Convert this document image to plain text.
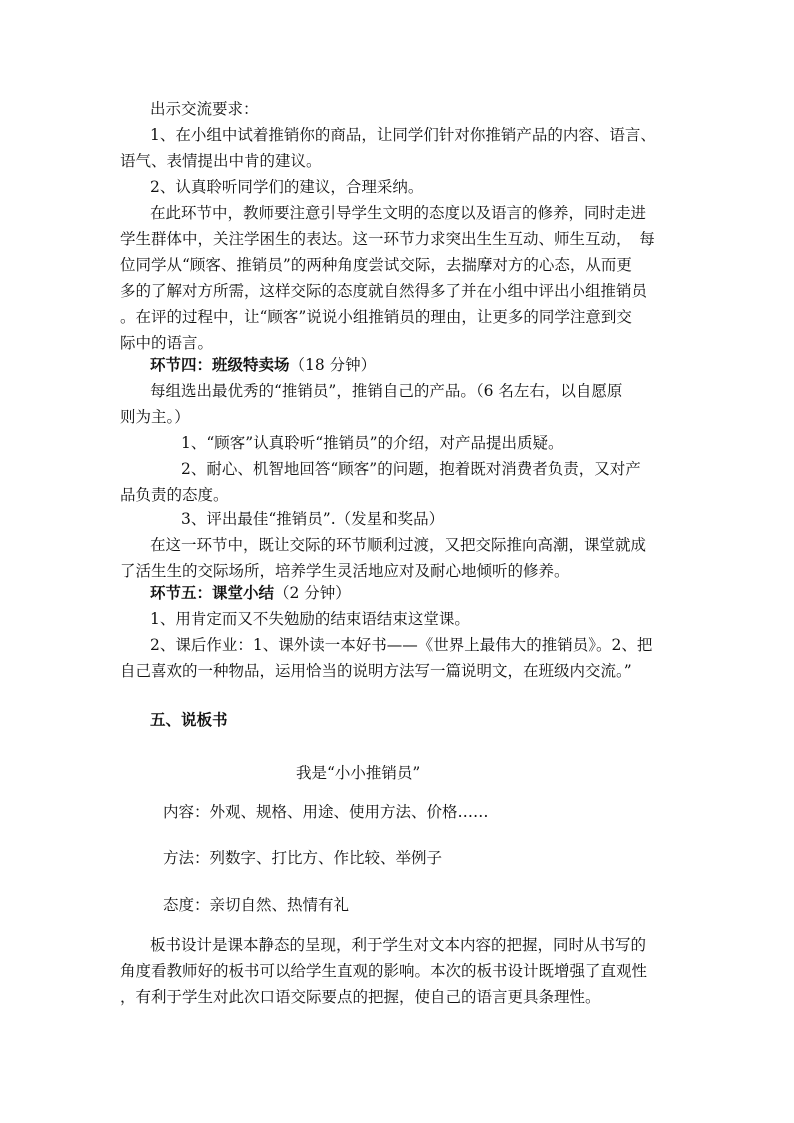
出示交流要求：
1、在小组中试着推销你的商品，让同学们针对你推销产品的内容、语言、
语气、表情提出中肯的建议。
2、认真聆听同学们的建议，合理采纳。
在此环节中，教师要注意引导学生文明的态度以及语言的修养，同时走进
学生群体中，关注学困生的表达。这一环节力求突出生生互动、师生互动，　每
位同学从“顾客、推销员”的两种角度尝试交际，去揣摩对方的心态，从而更
多的了解对方所需，这样交际的态度就自然得多了并在小组中评出小组推销员
。在评的过程中，让“顾客”说说小组推销员的理由，让更多的同学注意到交
际中的语言。
环节四：班级特卖场（18 分钟）
每组选出最优秀的“推销员”，推销自己的产品。（6 名左右，以自愿原
则为主。）
1、“顾客”认真聆听“推销员”的介绍，对产品提出质疑。
2、耐心、机智地回答“顾客”的问题，抱着既对消费者负责，又对产
品负责的态度。
3、评出最佳“推销员”.（发星和奖品）
在这一环节中，既让交际的环节顺利过渡，又把交际推向高潮，课堂就成
了活生生的交际场所，培养学生灵活地应对及耐心地倾听的修养。
环节五：课堂小结（2 分钟）
1、用肯定而又不失勉励的结束语结束这堂课。
2、课后作业：1、课外读一本好书——《世界上最伟大的推销员》。2、把
自己喜欢的一种物品，运用恰当的说明方法写一篇说明文，在班级内交流。”
五、说板书
我是“小小推销员”
内容：外观、规格、用途、使用方法、价格……
方法：列数字、打比方、作比较、举例子
态度：亲切自然、热情有礼
板书设计是课本静态的呈现，利于学生对文本内容的把握，同时从书写的
角度看教师好的板书可以给学生直观的影响。本次的板书设计既增强了直观性
，有利于学生对此次口语交际要点的把握，使自己的语言更具条理性。
